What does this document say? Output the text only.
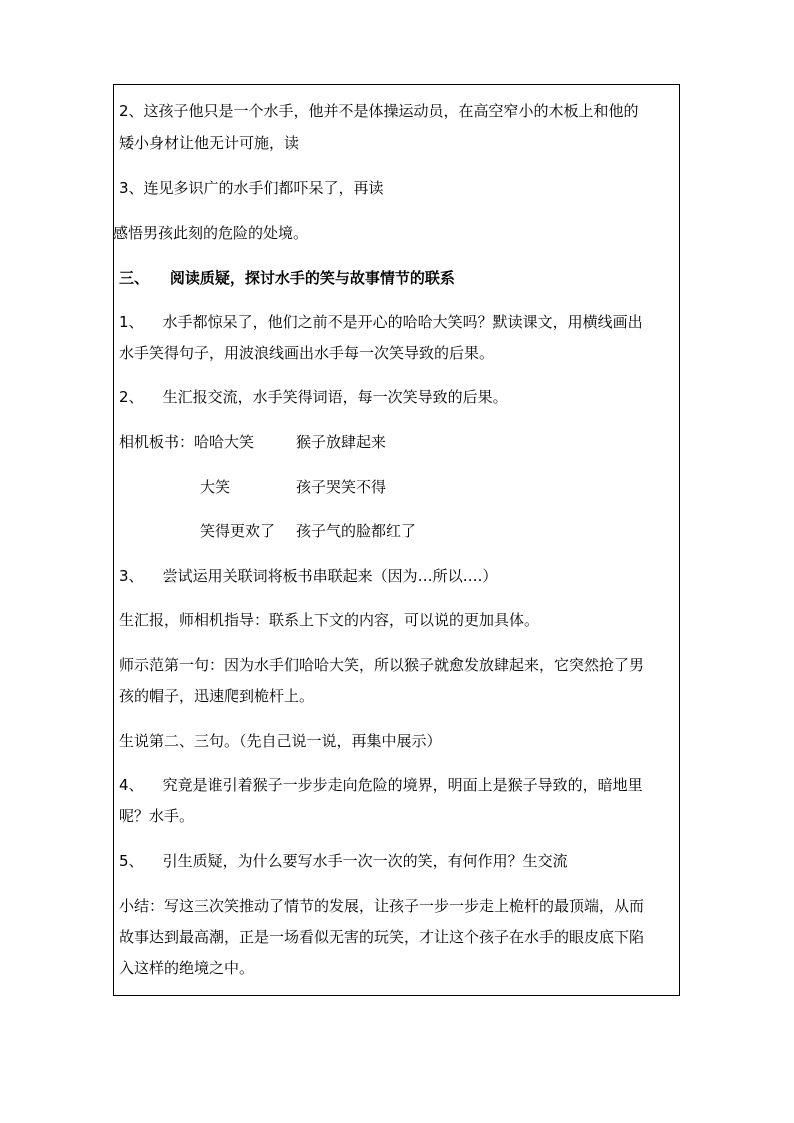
2、这孩子他只是一个水手，他并不是体操运动员，在高空窄小的木板上和他的
矮小身材让他无计可施，读
3、连见多识广的水手们都吓呆了，再读
感悟男孩此刻的危险的处境。
三、    阅读质疑，探讨水手的笑与故事情节的联系
1、    水手都惊呆了，他们之前不是开心的哈哈大笑吗？默读课文，用横线画出
水手笑得句子，用波浪线画出水手每一次笑导致的后果。
2、    生汇报交流，水手笑得词语，每一次笑导致的后果。
相机板书：哈哈大笑	猴子放肆起来
大笑	孩子哭笑不得
笑得更欢了 孩子气的脸都红了
3、    尝试运用关联词将板书串联起来（因为…所以….）
生汇报，师相机指导：联系上下文的内容，可以说的更加具体。
师示范第一句：因为水手们哈哈大笑，所以猴子就愈发放肆起来，它突然抢了男
孩的帽子，迅速爬到桅杆上。
生说第二、三句。（先自己说一说，再集中展示）
4、    究竟是谁引着猴子一步步走向危险的境界，明面上是猴子导致的，暗地里
呢？水手。
5、    引生质疑，为什么要写水手一次一次的笑，有何作用？生交流
小结：写这三次笑推动了情节的发展，让孩子一步一步走上桅杆的最顶端，从而
故事达到最高潮，正是一场看似无害的玩笑，才让这个孩子在水手的眼皮底下陷
入这样的绝境之中。
